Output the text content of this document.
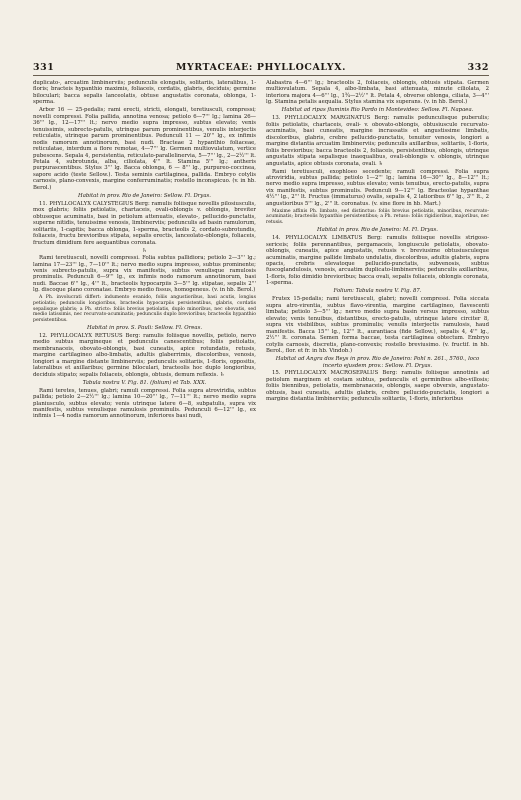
331	MYRTACEAE: PHYLLOCALYX.	332

duplicato-, arcuatim limbinerviis; pedunculis elongatis, solitariis, lateralibus, 1-floris; bracteis hypanthio maximis, foliaceis, cordatis, glabris, deciduis; germine biloculari; bacca sepalis lanceolatis, obtuse angustatis coronata, oblonga, 1-sperma.

Arbor 16 — 25-pedalis; rami erecti, stricti, elongati, teretiusculi, compressi; novelli compressi. Folia pallida, annotina venosa; petiolo 6—7''' lg.; lamina 26—36''' lg., 12—17''' lt.; nervo medio supra impresso, subtus elevato; venis tenuissimis, subrecto-patulis, utrinque parum prominentibus, venulis interjectis reticulatis, utrinque parum prominentibus. Pedunculi 11 — 20''' lg., ex infimis nodis ramorum annotinorum, basi nudi. Bracteae 2 hypanthio foliaceae, reticulatae, interdum a flore remotae, 4—7''' lg. Germen multiovulatum, vertice pubescens. Sepala 4, persistentia, reticulato-parallelinervia, 5—7''' lg., 2—2½''' lt. Petala 4, subrotunda, alba, ciliolata, 4''' lt. Stamina 5''' lg.; antheris purpurascentibus. Stylus 3''' lg. Bacca oblonga, 6 — 8''' lg., purpureo-coccinea, sapore acido (teste Sellow.). Testa seminis cartilaginea, pallida. Embryo cotylis carnosis, plano-convexis, margine conferruminatis; rostello inconspicuo. (v. in hb. Berol.)

Habitat in prov. Rio de Janeiro: Sellow. Fl. Dryas.

11. PHYLLOCALYX CALYSTEGIUS Berg: ramulis foliisque novellis pilosiusculis, mox glabris; foliis petiolatis, chartaceis, ovali-oblongis v. oblongis, breviter obtuseque acuminatis, basi in petiolum attenuatis, elevato-, pellucido-punctatis, superne nitidis, tenuissime venosis, limbinerviis; pedunculis ad basin ramulorum, solitariis, 1-capitis; bacca oblonga, 1-sperma, bracteolis 2, cordato-subrotundis, foliaceis, fructu brevioribus stipata, sepalis erectis, lanceolato-oblongis, foliaceis, fructum dimidium fere aequantibus coronata.

♄

Rami teretiusculi, novelli compressi. Folia subtus pallidiora; petiolo 2—3''' lg.; lamina 17—23''' lg., 7—10''' lt.; nervo medio supra impresso, subtus prominente; venis subrecto-patulis, supra vix manifestis, subtus venulisque ramulosis prominulis. Pedunculi 6—9''' lg., ex infimis nodo ramorum annotinorum, basi nudi. Baccae 6''' lg., 4''' lt., bracteolis hypocarpiis 3—5''' lg. stipatae, sepalis 2''' lg. discoque plano coronatae. Embryo medio fissus, homogeneus. (v. in hb. Berol.)

A Ph. involucrati differt: indumento evanido, foliis angustioribus, basi acutis, longius petiolatis; pedunculis longioribus, bracteolis hypocarpiis persistentibus, glabris, cordatis sepalisque glabris; a Ph. stricto: foliis brevius petiolatis, duplo minoribus, nec obovatis, sed medio latissimis, nec recurvato-acuminatis; pedunculis duplo brevioribus; bracteolis hypanthio persistentibus.

Habitat in prov. S. Pauli: Sellow. Fl. Oreas.

12. PHYLLOCALYX RETUSUS Berg: ramulis foliisque novellis, petiolo, nervo medio subtus margineque et pedunculis canescentibus; foliis petiolatis, membranaceis, obovato-oblongis, basi cuneatis, apice rotundatis, retusis, margine cartilagineo albo-limbatis, adultis glaberrimis, discoloribus, venosis, longiori a margine distante limbinerviis; pedunculis solitariis, 1-floris, oppositis, lateralibus et axillaribus; germine biloculari, bracteolis hoc duplo longioribus, deciduis stipato; sepalis foliaceis, oblongis, obtusis, demum reflexis. ♄

Tabula nostra V. Fig. 81. (folium) et Tab. XXX.

Rami teretes, tenues, glabri; ramuli compressi. Folia supra atroviridia, subtus pallida; petiolo 2—2½''' lg.; lamina 10—20''' lg., 7—11''' lt.; nervo medio supra planiusculo, subtus elevato; venis utrinque latere 6—8, subpatulis, supra vix manifestis, subtus venulisque ramulosis prominulis. Pedunculi 6—12''' lg., ex infimis 1—4 nodis ramorum annotinorum, inferiores basi nudi,

Alabastra 4—6''' lg.; bracteolis 2, foliaceis, oblongis, obtusis stipata. Germen multiovulatum. Sepala 4, albo-limbata, basi attenuata, minute ciliolata, 2 interiora majora 4—6''' lg., 1¾—2½''' lt. Petala 4, obverse oblonga, ciliata, 3—4''' lg. Stamina petalis aequalia. Stylus stamina vix superans. (v. in hb. Berol.)

Habitat ad ripas fluminis Rio Pardo in Montevideo: Sellow. Fl. Napaea.

13. PHYLLOCALYX MARGINATUS Berg: ramulis pedunculisque puberulis; foliis petiolatis, chartaceis, ovali- v. obovato-oblongis, obtusiuscule recurvato-acuminatis, basi cuneatis, margine incrassatis et angustissime limbatis, discoloribus, glabris, crebre pellucido-punctatis, tenuiter venosis, longiori a margine distantia arcuatim limbinerviis; pedunculis axillaribus, solitariis, 1-floris, foliis brevioribus; bacca bracteolis 2, foliaceis, persistentibus, oblongis, utrinque angustatis stipata sepalisque inaequalibus, ovali-oblongis v. oblongis, utrinque angustatis, apice obtusis coronata, ovali. ♄

Rami teretiusculi, exophloeo secedente; ramuli compressi. Folia supra atroviridia, subtus pallida; petiolo 1—2''' lg.; lamina 16—30''' lg., 8—12''' lt.; nervo medio supra impresso, subtus elevato; venis tenuibus, erecto-patulis, supra vix manifestis, subtus prominulis. Pedunculi 9—12''' lg. Bracteolae hypanthae 4½''' lg., 2''' lt. Fructus (immaturus) ovalis, sepalis 4, 2 latioribus 6''' lg., 3''' lt., 2 angustioribus 5''' lg., 2''' lt. coronatus. (v. sine flore in hb. Mart.)

Maxime affinis Ph. limbato, sed distinctus: foliis brevius petiolatis, minoribus, recurvato-acuminatis; bracteolis hypanthio persistentibus; a Ph. retuso: foliis rigidioribus, majoribus, nec retusis.

Habitat in prov. Rio de Janeiro: M. Fl. Dryas.

14. PHYLLOCALYX LIMBATUS Berg: ramulis foliisque novellis strigoso-sericeis; foliis perennantibus, pergamaceis, longiuscule petiolatis, obovato-oblongis, cuneatis, apice angustatis, retusis v. breviusime obtusiusculeque acuminatis, margine pallide limbato undulatis, discoloribus, adultis glabris, supra opacis, crebris elevatoque pellucido-punctatis, subvenosis, subtus fuscoglandulosis, venosis, arcuatim duplicato-limbinerviis; pedunculis axillaribus, 1-floris, folio dimidio brevioribus; bacca ovali, sepalis foliaceis, oblongis coronata, 1-sperma.

Folium: Tabula nostra V. Fig. 87.

Frutex 15-pedalis; rami teretiusculi, glabri; novelli compressi. Folia siccata supra atro-virentia, subtus flavo-virentia, margine cartilagineo, flavescenti limbata; petiolo 3—5''' lg.; nervo medio supra basin versus impresso, subtus elevato; venis tenuibus, distantibus, erecto-patulis, utrinque latere circiter 8, supra vix visibilibus, subtus prominulis; venulis interjectis ramulosis, haud manifestis. Bacca 15''' lg., 12''' lt., aurantiaca (fide Sellow.), sepalis 4, 4''' lg., 2½''' lt. coronata. Semen forma baccae, testa cartilaginea obtectum. Embryo cotylis carnosis, discretis, plano-convexis; rostello breviusimo. (v. fructif. in hb. Berol., flor. et fr. in hb. Vindob.)

Habitat ad Angra dos Reys in prov. Rio de Janeiro: Pohl n. 261., 5760., loco incerto ejusdem prov.: Sellow. Fl. Dryas.

15. PHYLLOCALYX MACROSEPALUS Berg: ramulis foliisque annotinis ad petiolum marginem et costam subtus, pedunculis et germinibus albo-villosis; foliis biennibus, petiolatis, membranaceis, oblongis, saepe obversis, angustato-obtusis, basi cuneatis, adultis glabris, crebre pellucido-punctatis, longiori a margine distantia limbinerviis; pedunculis solitariis, 1-floris, inferioribus
